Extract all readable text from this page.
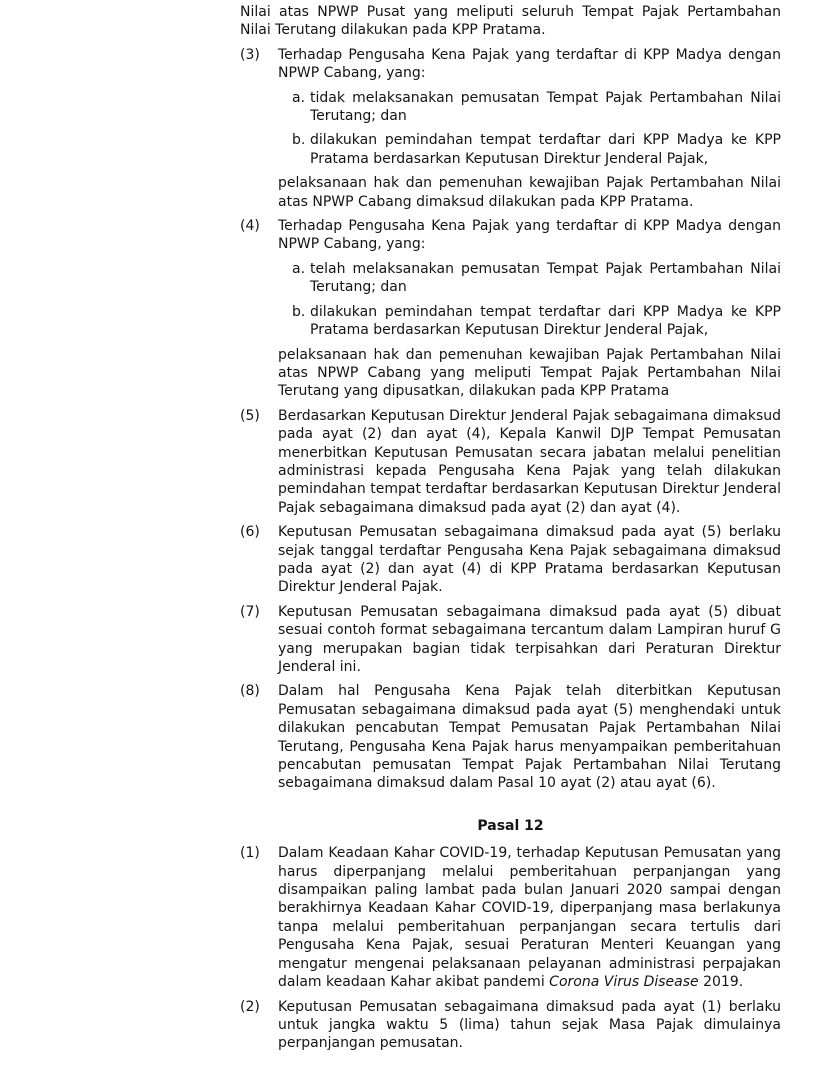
Nilai atas NPWP Pusat yang meliputi seluruh Tempat Pajak Pertambahan Nilai Terutang dilakukan pada KPP Pratama.

(3)	Terhadap Pengusaha Kena Pajak yang terdaftar di KPP Madya dengan NPWP Cabang, yang:

a. tidak melaksanakan pemusatan Tempat Pajak Pertambahan Nilai Terutang; dan

b. dilakukan pemindahan tempat terdaftar dari KPP Madya ke KPP Pratama berdasarkan Keputusan Direktur Jenderal Pajak,

pelaksanaan hak dan pemenuhan kewajiban Pajak Pertambahan Nilai atas NPWP Cabang dimaksud dilakukan pada KPP Pratama.

(4)	Terhadap Pengusaha Kena Pajak yang terdaftar di KPP Madya dengan NPWP Cabang, yang:

a. telah melaksanakan pemusatan Tempat Pajak Pertambahan Nilai Terutang; dan

b. dilakukan pemindahan tempat terdaftar dari KPP Madya ke KPP Pratama berdasarkan Keputusan Direktur Jenderal Pajak,

pelaksanaan hak dan pemenuhan kewajiban Pajak Pertambahan Nilai atas NPWP Cabang yang meliputi Tempat Pajak Pertambahan Nilai Terutang yang dipusatkan, dilakukan pada KPP Pratama

(5)	Berdasarkan Keputusan Direktur Jenderal Pajak sebagaimana dimaksud pada ayat (2) dan ayat (4), Kepala Kanwil DJP Tempat Pemusatan menerbitkan Keputusan Pemusatan secara jabatan melalui penelitian administrasi kepada Pengusaha Kena Pajak yang telah dilakukan pemindahan tempat terdaftar berdasarkan Keputusan Direktur Jenderal Pajak sebagaimana dimaksud pada ayat (2) dan ayat (4).

(6)	Keputusan Pemusatan sebagaimana dimaksud pada ayat (5) berlaku sejak tanggal terdaftar Pengusaha Kena Pajak sebagaimana dimaksud pada ayat (2) dan ayat (4) di KPP Pratama berdasarkan Keputusan Direktur Jenderal Pajak.

(7)	Keputusan Pemusatan sebagaimana dimaksud pada ayat (5) dibuat sesuai contoh format sebagaimana tercantum dalam Lampiran huruf G yang merupakan bagian tidak terpisahkan dari Peraturan Direktur Jenderal ini.

(8)	Dalam hal Pengusaha Kena Pajak telah diterbitkan Keputusan Pemusatan sebagaimana dimaksud pada ayat (5) menghendaki untuk dilakukan pencabutan Tempat Pemusatan Pajak Pertambahan Nilai Terutang, Pengusaha Kena Pajak harus menyampaikan pemberitahuan pencabutan pemusatan Tempat Pajak Pertambahan Nilai Terutang sebagaimana dimaksud dalam Pasal 10 ayat (2) atau ayat (6).

Pasal 12

(1)	Dalam Keadaan Kahar COVID-19, terhadap Keputusan Pemusatan yang harus diperpanjang melalui pemberitahuan perpanjangan yang disampaikan paling lambat pada bulan Januari 2020 sampai dengan berakhirnya Keadaan Kahar COVID-19, diperpanjang masa berlakunya tanpa melalui pemberitahuan perpanjangan secara tertulis dari Pengusaha Kena Pajak, sesuai Peraturan Menteri Keuangan yang mengatur mengenai pelaksanaan pelayanan administrasi perpajakan dalam keadaan Kahar akibat pandemi Corona Virus Disease 2019.

(2)	Keputusan Pemusatan sebagaimana dimaksud pada ayat (1) berlaku untuk jangka waktu 5 (lima) tahun sejak Masa Pajak dimulainya perpanjangan pemusatan.
